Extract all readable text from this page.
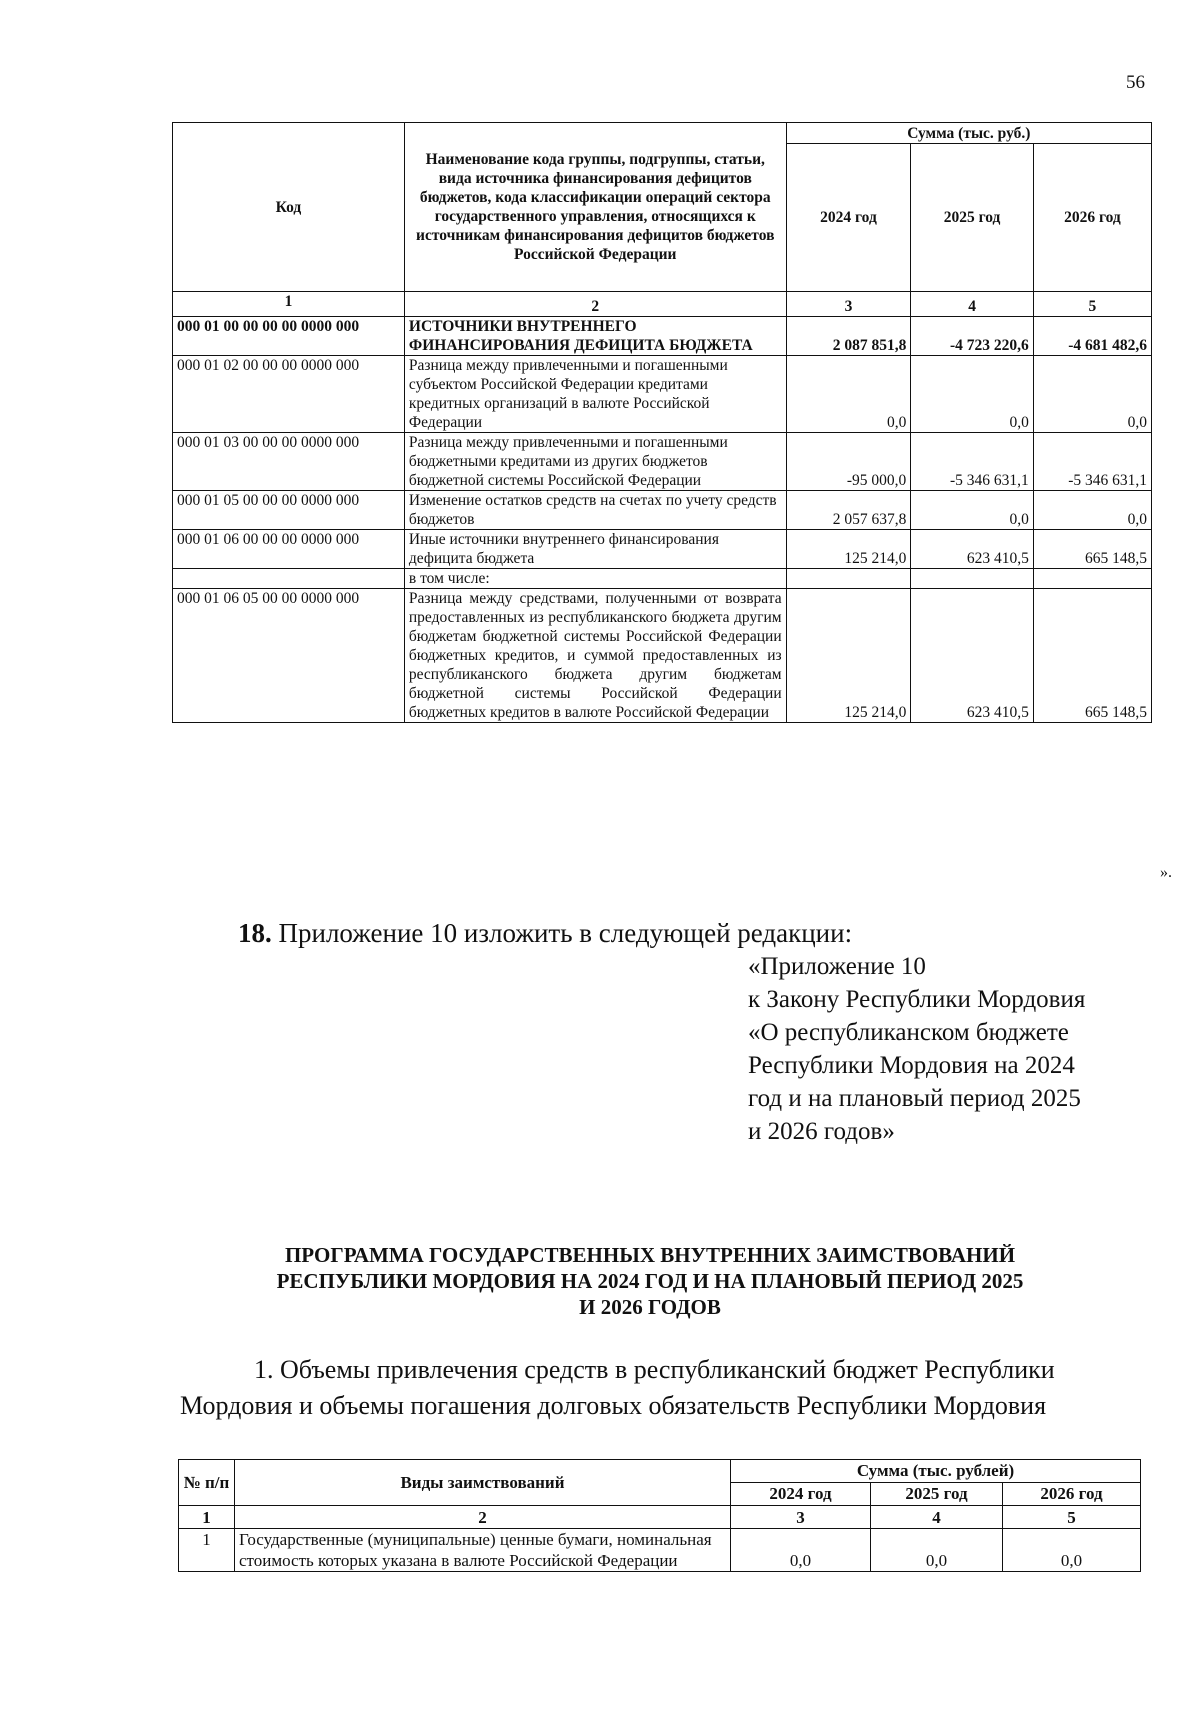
56
Код	Наименование кода группы, подгруппы, статьи, вида источника финансирования дефицитов бюджетов, кода классификации операций сектора государственного управления, относящихся к источникам финансирования дефицитов бюджетов Российской Федерации	Сумма (тыс. руб.)		
		2024 год	2025 год	2026 год
1	2	3	4	5
000 01 00 00 00 00 0000 000	ИСТОЧНИКИ ВНУТРЕННЕГО ФИНАНСИРОВАНИЯ ДЕФИЦИТА БЮДЖЕТА	2 087 851,8	-4 723 220,6	-4 681 482,6
000 01 02 00 00 00 0000 000	Разница между привлеченными и погашенными субъектом Российской Федерации кредитами кредитных организаций в валюте Российской Федерации	0,0	0,0	0,0
000 01 03 00 00 00 0000 000	Разница между привлеченными и погашенными бюджетными кредитами из других бюджетов бюджетной системы Российской Федерации	-95 000,0	-5 346 631,1	-5 346 631,1
000 01 05 00 00 00 0000 000	Изменение остатков средств на счетах по учету средств бюджетов	2 057 637,8	0,0	0,0
000 01 06 00 00 00 0000 000	Иные источники внутреннего финансирования дефицита бюджета	125 214,0	623 410,5	665 148,5
	в том числе:			
000 01 06 05 00 00 0000 000	Разница между средствами, полученными от возврата предоставленных из республиканского бюджета другим бюджетам бюджетной системы Российской Федерации бюджетных кредитов, и суммой предоставленных из республиканского бюджета другим бюджетам бюджетной системы Российской Федерации бюджетных кредитов в валюте Российской Федерации	125 214,0	623 410,5	665 148,5
».
18. Приложение 10 изложить в следующей редакции:
«Приложение 10
к Закону Республики Мордовия
«О республиканском бюджете
Республики Мордовия на 2024
год и на плановый период 2025
и 2026 годов»
ПРОГРАММА ГОСУДАРСТВЕННЫХ ВНУТРЕННИХ ЗАИМСТВОВАНИЙ
РЕСПУБЛИКИ МОРДОВИЯ НА 2024 ГОД И НА ПЛАНОВЫЙ ПЕРИОД 2025
И 2026 ГОДОВ
1. Объемы привлечения средств в республиканский бюджет Республики
Мордовия и объемы погашения долговых обязательств Республики Мордовия
№ п/п	Виды заимствований	Сумма (тыс. рублей)		
		2024 год	2025 год	2026 год
1	2	3	4	5
1	Государственные (муниципальные) ценные бумаги, номинальная стоимость которых указана в валюте Российской Федерации	0,0	0,0	0,0
